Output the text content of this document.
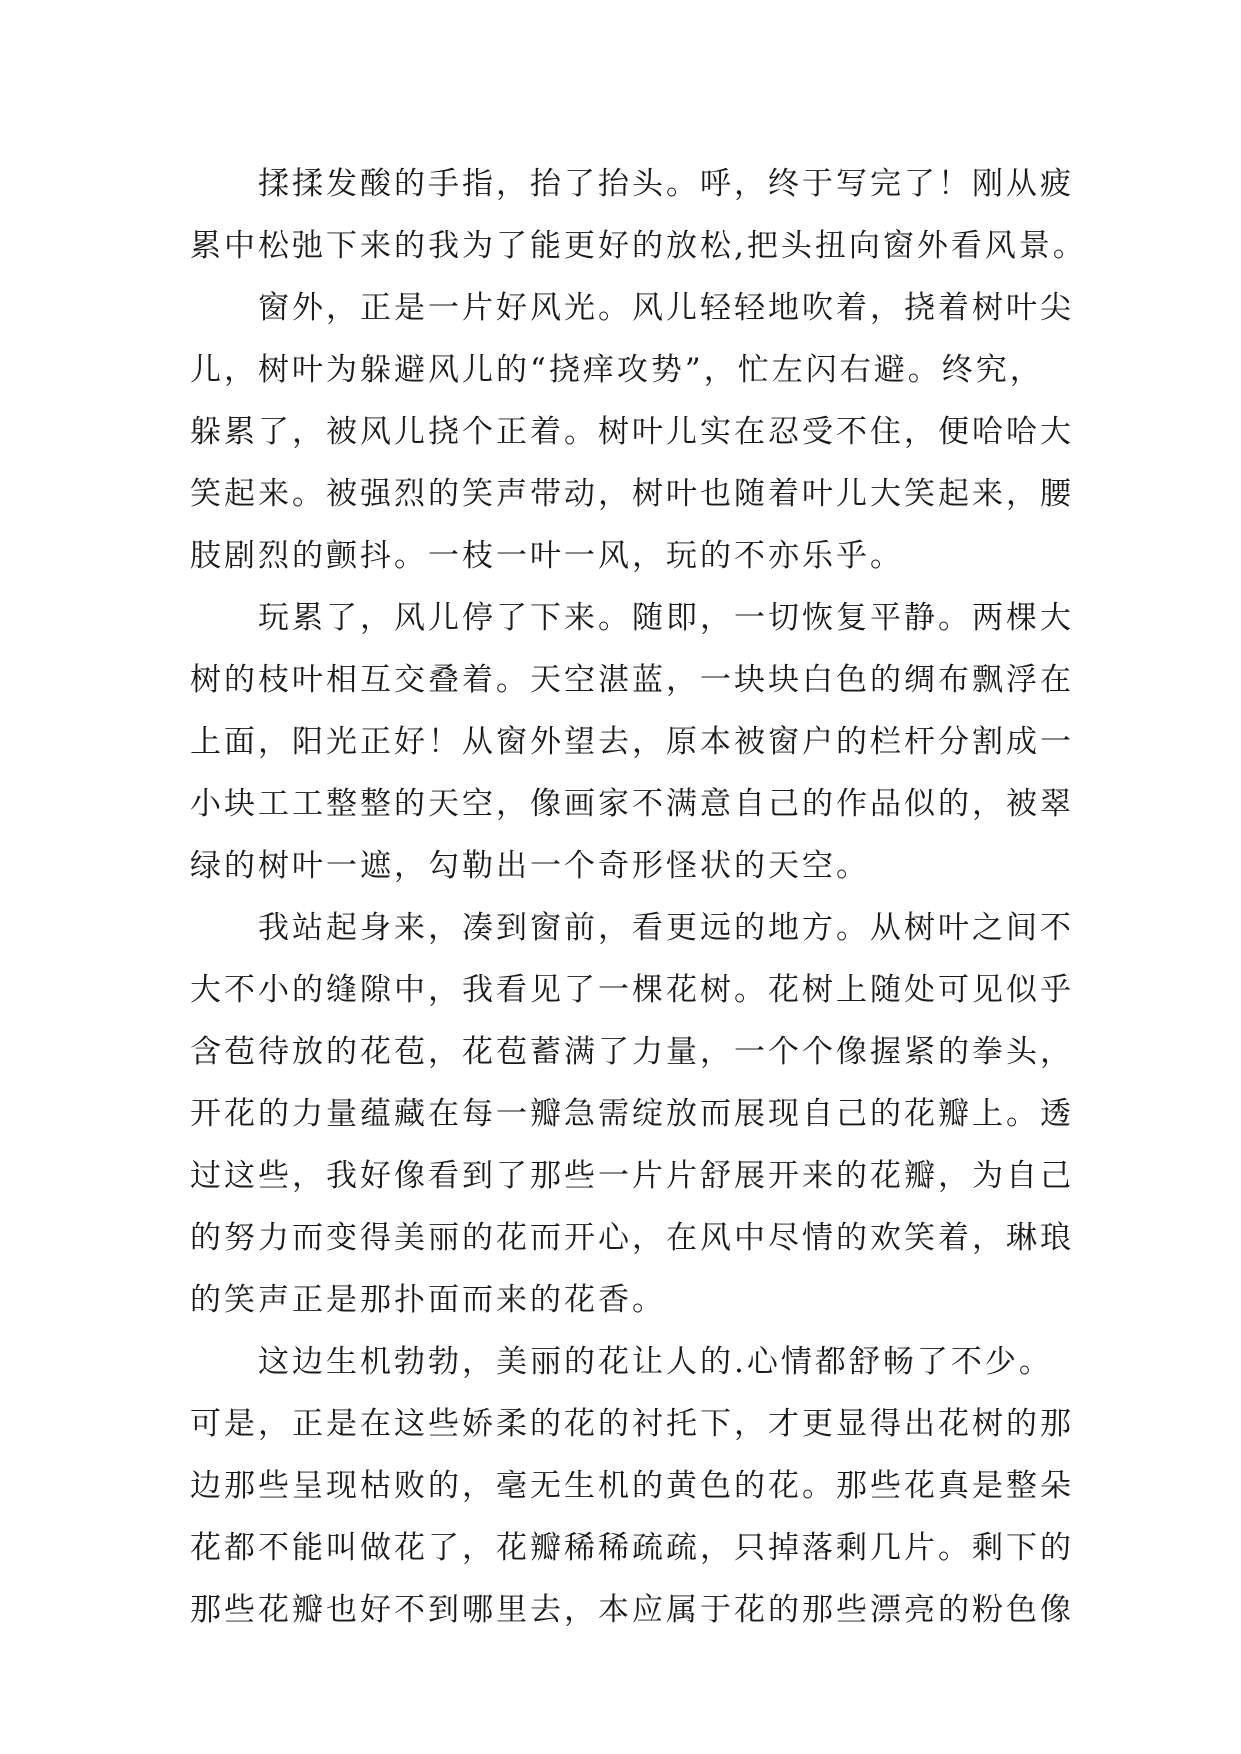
揉揉发酸的手指，抬了抬头。呼，终于写完了！刚从疲
累中松弛下来的我为了能更好的放松,把头扭向窗外看风景。
窗外，正是一片好风光。风儿轻轻地吹着，挠着树叶尖
儿，树叶为躲避风儿的“挠痒攻势”，忙左闪右避。终究，
躲累了，被风儿挠个正着。树叶儿实在忍受不住，便哈哈大
笑起来。被强烈的笑声带动，树叶也随着叶儿大笑起来，腰
肢剧烈的颤抖。一枝一叶一风，玩的不亦乐乎。
玩累了，风儿停了下来。随即，一切恢复平静。两棵大
树的枝叶相互交叠着。天空湛蓝，一块块白色的绸布飘浮在
上面，阳光正好！从窗外望去，原本被窗户的栏杆分割成一
小块工工整整的天空，像画家不满意自己的作品似的，被翠
绿的树叶一遮，勾勒出一个奇形怪状的天空。
我站起身来，凑到窗前，看更远的地方。从树叶之间不
大不小的缝隙中，我看见了一棵花树。花树上随处可见似乎
含苞待放的花苞，花苞蓄满了力量，一个个像握紧的拳头，
开花的力量蕴藏在每一瓣急需绽放而展现自己的花瓣上。透
过这些，我好像看到了那些一片片舒展开来的花瓣，为自己
的努力而变得美丽的花而开心，在风中尽情的欢笑着，琳琅
的笑声正是那扑面而来的花香。
这边生机勃勃，美丽的花让人的.心情都舒畅了不少。
可是，正是在这些娇柔的花的衬托下，才更显得出花树的那
边那些呈现枯败的，毫无生机的黄色的花。那些花真是整朵
花都不能叫做花了，花瓣稀稀疏疏，只掉落剩几片。剩下的
那些花瓣也好不到哪里去，本应属于花的那些漂亮的粉色像
